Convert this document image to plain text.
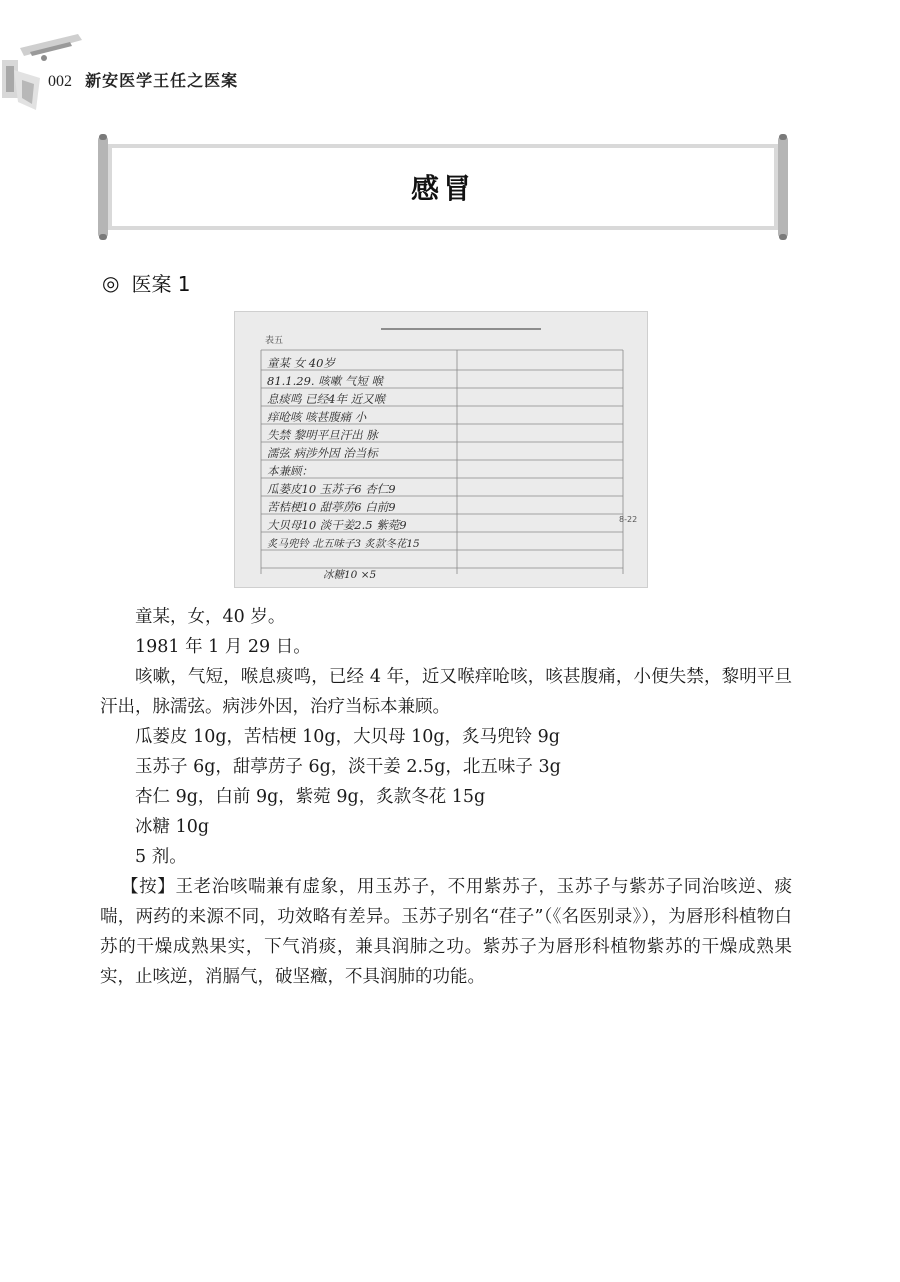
002 新安医学王任之医案
感冒
◎ 医案 1
表五
童某 女 40岁
81.1.29. 咳嗽 气短 喉
息痰鸣 已经4年 近又喉
痒呛咳 咳甚腹痛 小
失禁 黎明平旦汗出 脉
濡弦 病涉外因 治当标
本兼顾：
瓜蒌皮10 玉苏子6 杏仁9
苦桔梗10 甜葶苈6 白前9
大贝母10 淡干姜2.5 紫菀9
炙马兜铃 北五味子3 炙款冬花15
冰糖10 ×5
8-22

童某，女，40 岁。

1981 年 1 月 29 日。

咳嗽，气短，喉息痰鸣，已经 4 年，近又喉痒呛咳，咳甚腹痛，小便失禁，黎明平旦汗出，脉濡弦。病涉外因，治疗当标本兼顾。

瓜蒌皮 10g，苦桔梗 10g，大贝母 10g，炙马兜铃 9g

玉苏子 6g，甜葶苈子 6g，淡干姜 2.5g，北五味子 3g

杏仁 9g，白前 9g，紫菀 9g，炙款冬花 15g

冰糖 10g

5 剂。

【按】王老治咳喘兼有虚象，用玉苏子，不用紫苏子，玉苏子与紫苏子同治咳逆、痰喘，两药的来源不同，功效略有差异。玉苏子别名“荏子”（《名医别录》），为唇形科植物白苏的干燥成熟果实，下气消痰，兼具润肺之功。紫苏子为唇形科植物紫苏的干燥成熟果实，止咳逆，消膈气，破坚癥，不具润肺的功能。
